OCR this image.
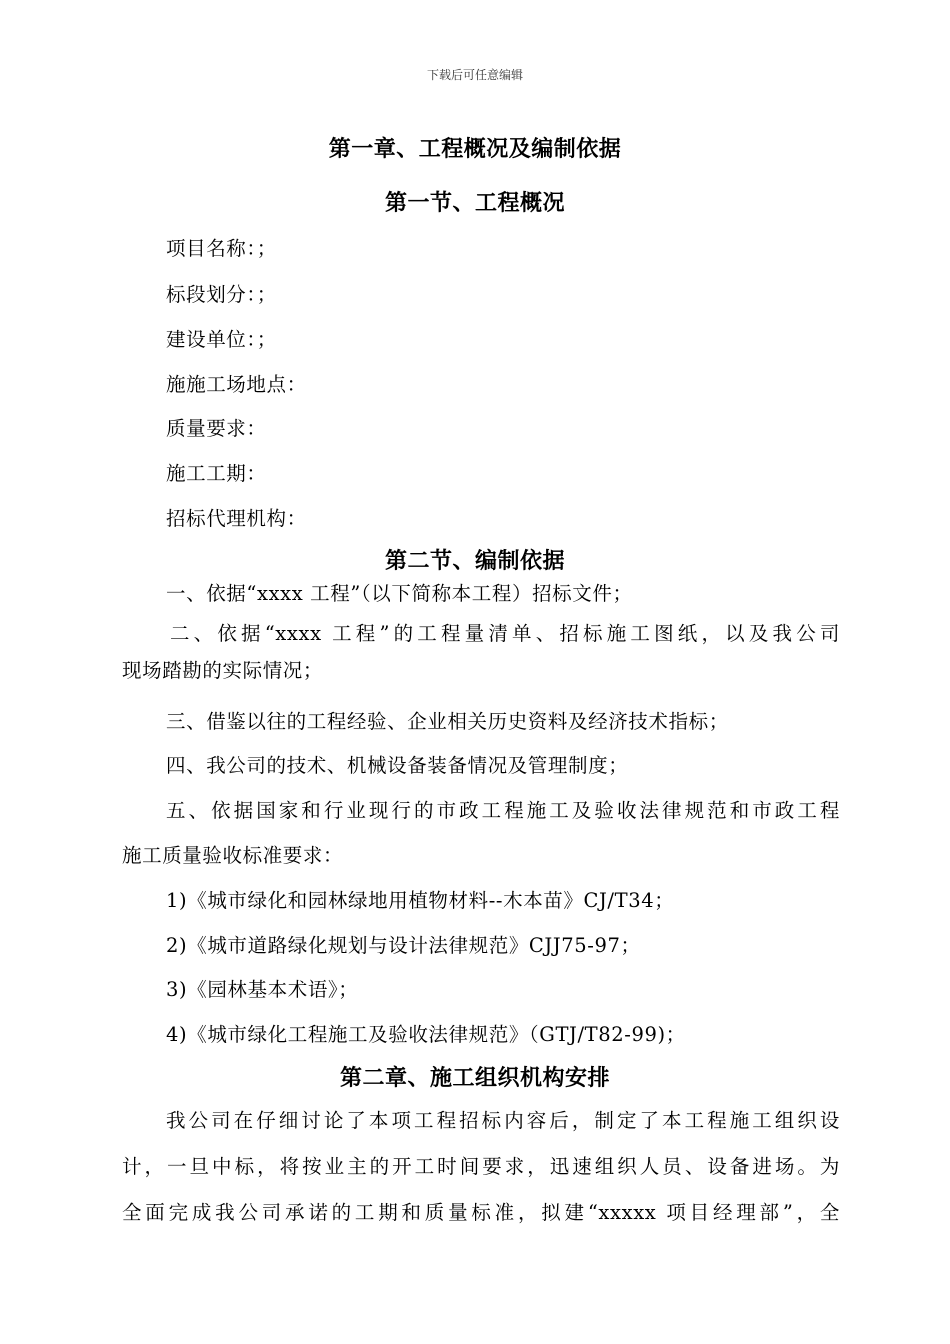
下载后可任意编辑
第一章、工程概况及编制依据
第一节、工程概况
项目名称：；
标段划分：；
建设单位：；
施施工场地点：
质量要求：
施工工期：
招标代理机构：
第二节、编制依据
一、依据“xxxx 工程”（以下简称本工程）招标文件；
二、依据“xxxx 工程”的工程量清单、招标施工图纸，以及我公司
现场踏勘的实际情况；
三、借鉴以往的工程经验、企业相关历史资料及经济技术指标；
四、我公司的技术、机械设备装备情况及管理制度；
五、依据国家和行业现行的市政工程施工及验收法律规范和市政工程
施工质量验收标准要求：
1)《城市绿化和园林绿地用植物材料--木本苗》CJ/T34；
2)《城市道路绿化规划与设计法律规范》CJJ75-97；
3)《园林基本术语》；
4)《城市绿化工程施工及验收法律规范》（GTJ/T82-99)；
第二章、施工组织机构安排
我公司在仔细讨论了本项工程招标内容后，制定了本工程施工组织设
计，一旦中标，将按业主的开工时间要求，迅速组织人员、设备进场。为
全面完成我公司承诺的工期和质量标准，拟建“xxxxx 项目经理部”，全
